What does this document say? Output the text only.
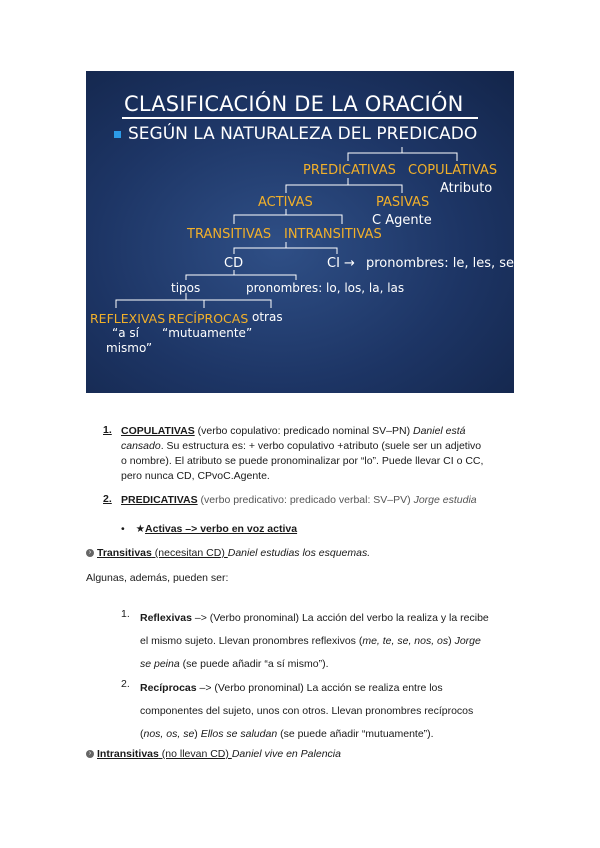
CLASIFICACIÓN DE LA ORACIÓN
SEGÚN LA NATURALEZA DEL PREDICADO
PREDICATIVAS COPULATIVAS
Atributo
ACTIVAS	PASIVAS
C Agente
TRANSITIVAS INTRANSITIVAS
CD	CI → pronombres: le, les, se
tipos	pronombres: lo, los, la, las
REFLEXIVAS RECÍPROCAS otras
“a sí
mismo”
“mutuamente”
1. COPULATIVAS (verbo copulativo: predicado nominal SV–PN) Daniel está
cansado. Su estructura es: + verbo copulativo +atributo (suele ser un adjetivo
o nombre). El atributo se puede pronominalizar por “lo”. Puede llevar CI o CC,
pero nunca CD, CPvoC.Agente.
2. PREDICATIVAS (verbo predicativo: predicado verbal: SV–PV) Jorge estudia
• ★Activas –> verbo en voz activa
› Transitivas (necesitan CD) Daniel estudias los esquemas.
Algunas, además, pueden ser:
1. Reflexivas –> (Verbo pronominal) La acción del verbo la realiza y la recibe
el mismo sujeto. Llevan pronombres reflexivos (me, te, se, nos, os) Jorge
se peina (se puede añadir “a sí mismo”).
2. Recíprocas –> (Verbo pronominal) La acción se realiza entre los
componentes del sujeto, unos con otros. Llevan pronombres recíprocos
(nos, os, se) Ellos se saludan (se puede añadir “mutuamente”).
› Intransitivas (no llevan CD) Daniel vive en Palencia
